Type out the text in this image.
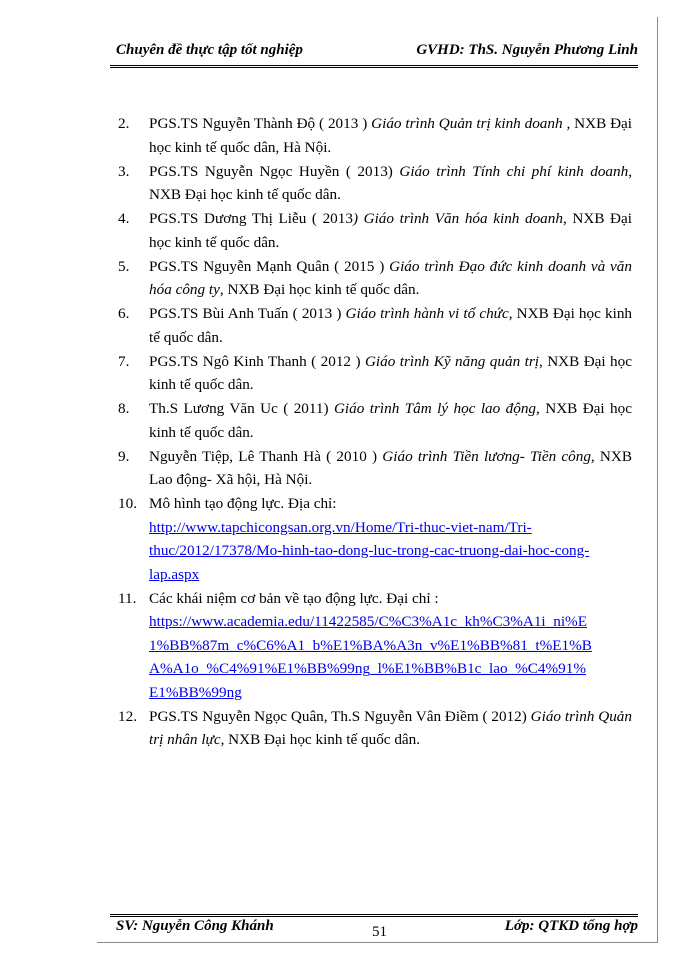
Chuyên đề thực tập tốt nghiệp	GVHD: ThS. Nguyễn Phương Linh
2. PGS.TS Nguyễn Thành Độ ( 2013 ) Giáo trình Quản trị kinh doanh , NXB Đại học kinh tế quốc dân, Hà Nội.
3. PGS.TS Nguyễn Ngọc Huyền ( 2013) Giáo trình Tính chi phí kinh doanh, NXB Đại học kinh tế quốc dân.
4. PGS.TS Dương Thị Liễu ( 2013) Giáo trình Văn hóa kinh doanh, NXB Đại học kinh tế quốc dân.
5. PGS.TS Nguyễn Mạnh Quân ( 2015 ) Giáo trình Đạo đức kinh doanh và văn hóa công ty, NXB Đại học kinh tế quốc dân.
6. PGS.TS Bùi Anh Tuấn ( 2013 ) Giáo trình hành vi tổ chức, NXB Đại học kinh tế quốc dân.
7. PGS.TS Ngô Kinh Thanh ( 2012 ) Giáo trình Kỹ năng quản trị, NXB Đại học kinh tế quốc dân.
8. Th.S Lương Văn Uc ( 2011) Giáo trình Tâm lý học lao động, NXB Đại học kinh tế quốc dân.
9. Nguyễn Tiệp, Lê Thanh Hà ( 2010 ) Giáo trình Tiền lương- Tiền công, NXB Lao động- Xã hội, Hà Nội.
10. Mô hình tạo động lực. Địa chỉ:
http://www.tapchicongsan.org.vn/Home/Tri-thuc-viet-nam/Tri-
thuc/2012/17378/Mo-hinh-tao-dong-luc-trong-cac-truong-dai-hoc-cong-
lap.aspx
11. Các khái niệm cơ bản về tạo động lực. Đại chỉ :
https://www.academia.edu/11422585/C%C3%A1c_kh%C3%A1i_ni%E
1%BB%87m_c%C6%A1_b%E1%BA%A3n_v%E1%BB%81_t%E1%B
A%A1o_%C4%91%E1%BB%99ng_l%E1%BB%B1c_lao_%C4%91%
E1%BB%99ng
12. PGS.TS Nguyễn Ngọc Quân, Th.S Nguyễn Vân Điềm ( 2012) Giáo trình Quản trị nhân lực, NXB Đại học kinh tế quốc dân.
SV: Nguyễn Công Khánh	51	Lớp: QTKD tổng hợp
